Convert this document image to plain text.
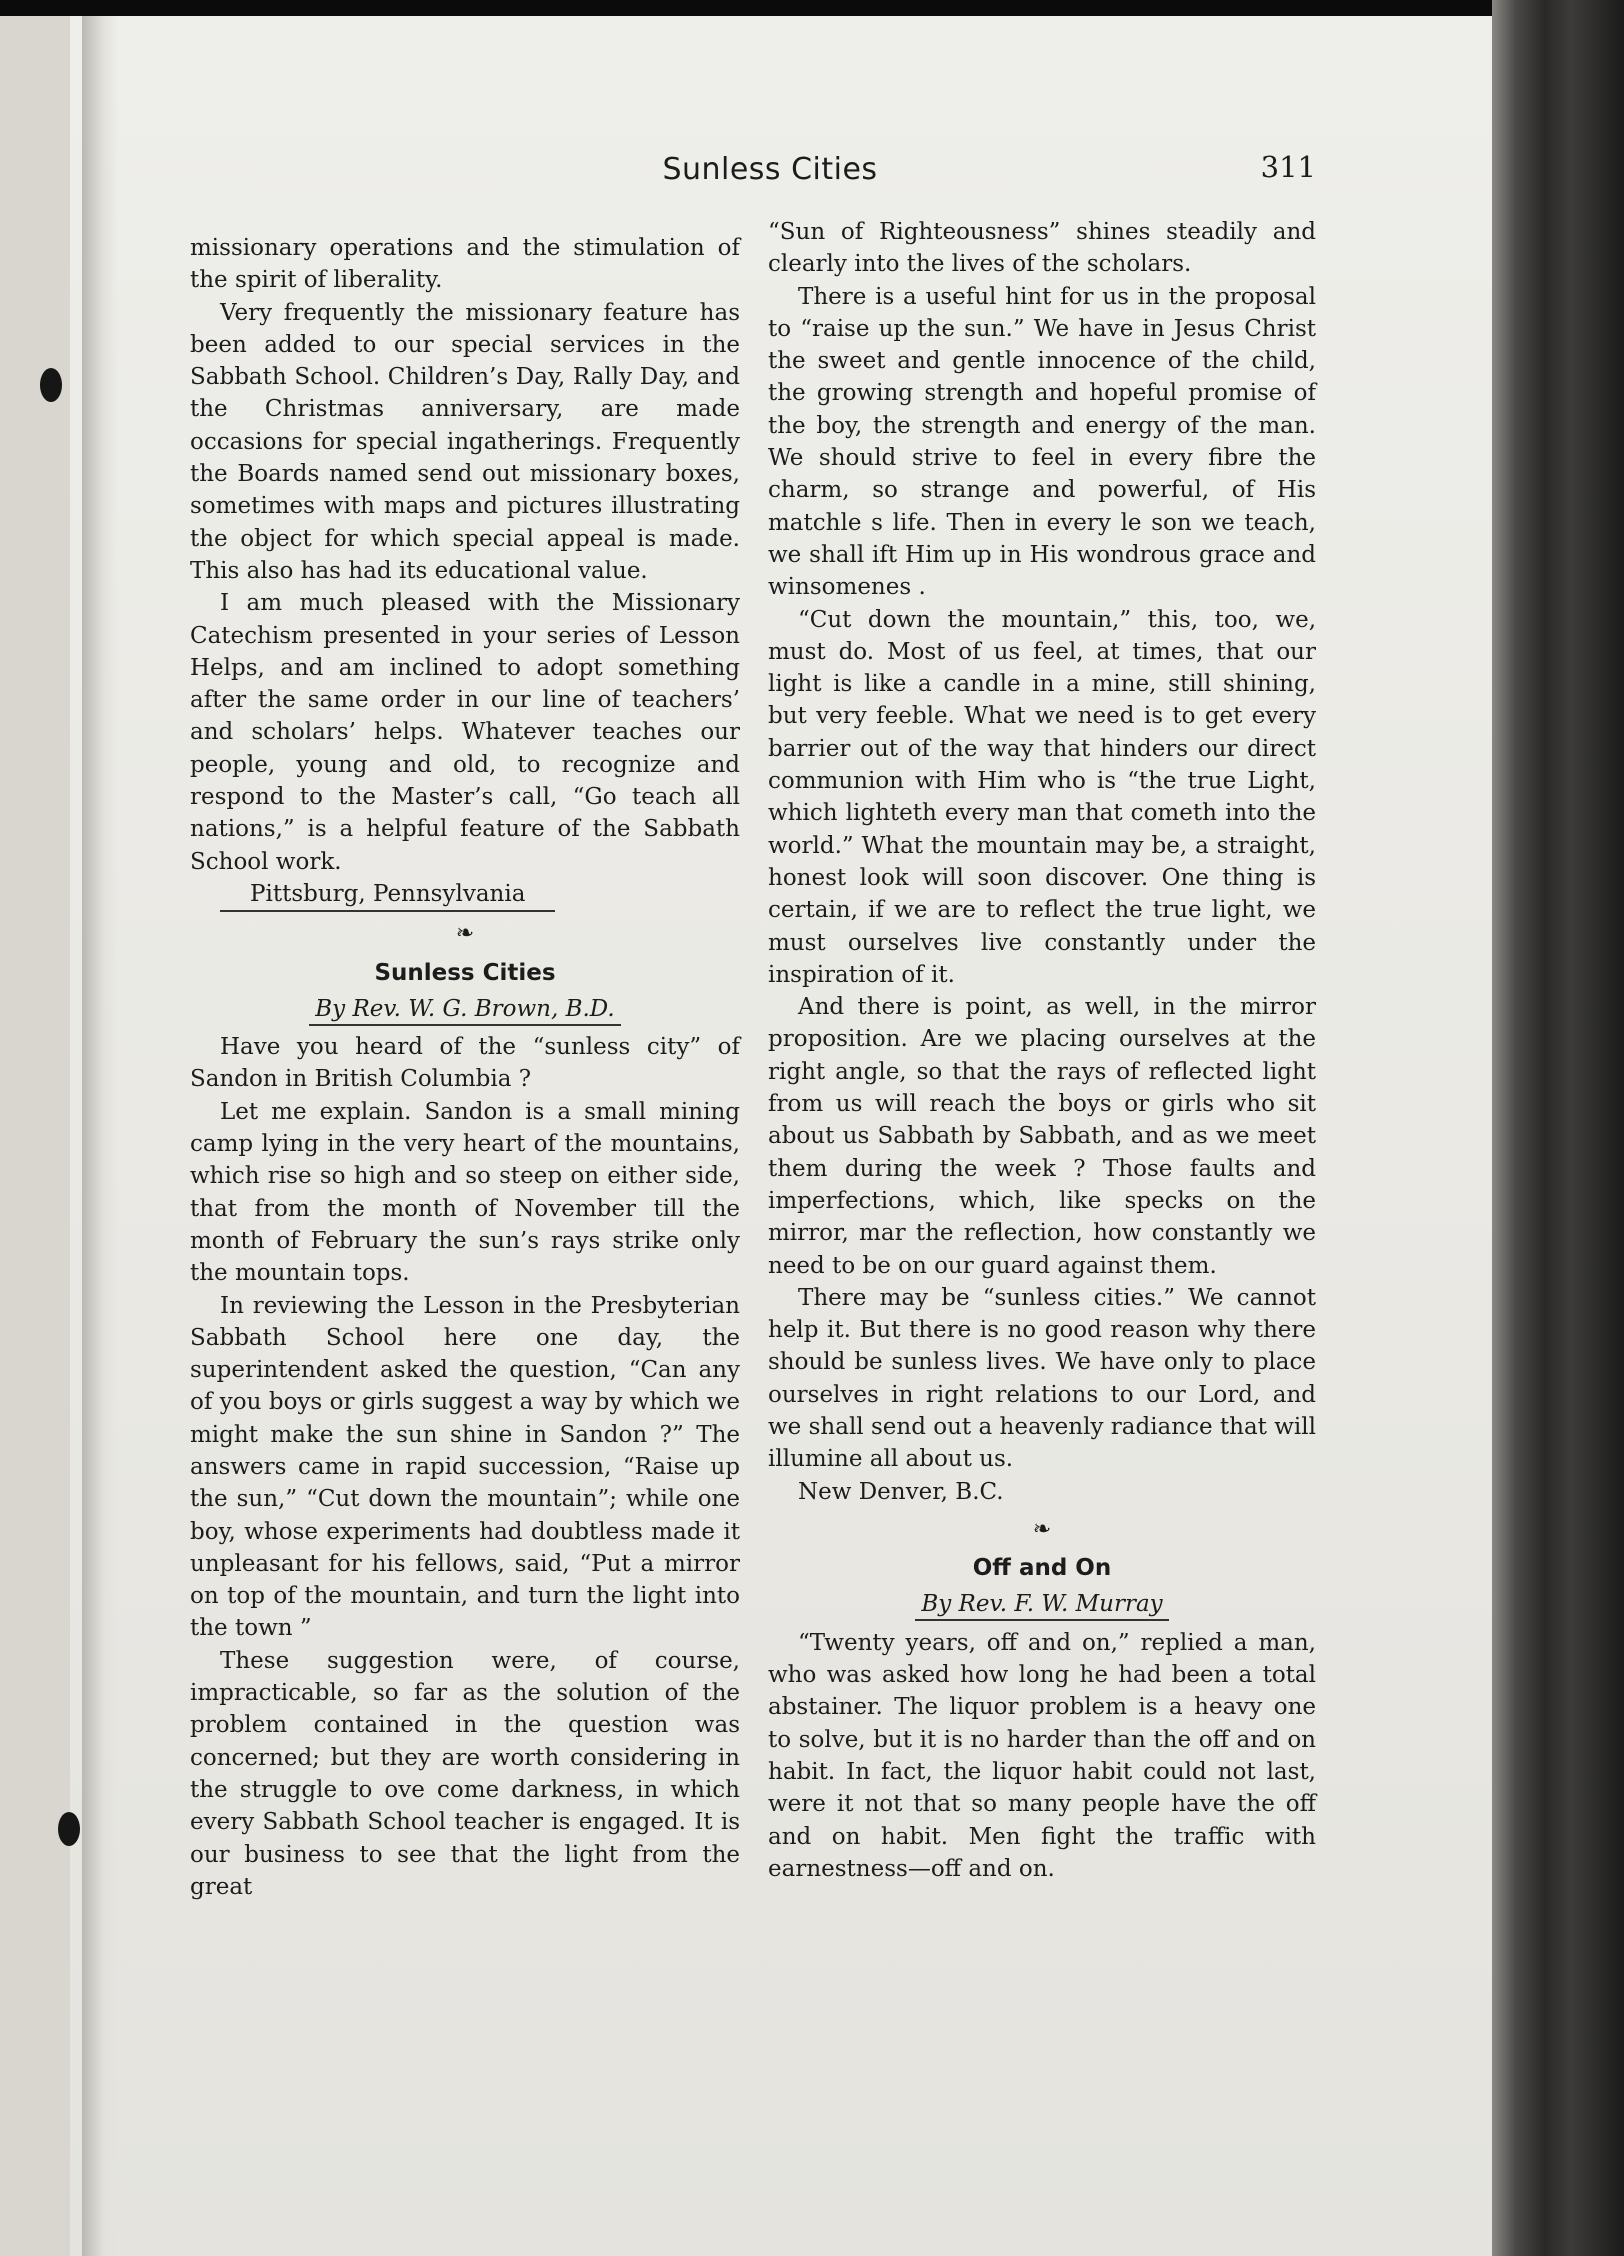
Sunless Cities	311

missionary operations and the stimulation of the spirit of liberality.

Very frequently the missionary feature has been added to our special services in the Sabbath School. Children’s Day, Rally Day, and the Christmas anniversary, are made occasions for special ingatherings. Frequently the Boards named send out missionary boxes, sometimes with maps and pictures illustrating the object for which special appeal is made. This also has had its educational value.

I am much pleased with the Missionary Catechism presented in your series of Lesson Helps, and am inclined to adopt something after the same order in our line of teachers’ and scholars’ helps. Whatever teaches our people, young and old, to recognize and respond to the Master’s call, “Go teach all nations,” is a helpful feature of the Sabbath School work.

Pittsburg, Pennsylvania
❧
Sunless Cities
By Rev. W. G. Brown, B.D.

Have you heard of the “sunless city” of Sandon in British Columbia ?

Let me explain. Sandon is a small mining camp lying in the very heart of the mountains, which rise so high and so steep on either side, that from the month of November till the month of February the sun’s rays strike only the mountain tops.

In reviewing the Lesson in the Presbyterian Sabbath School here one day, the superintendent asked the question, “Can any of you boys or girls suggest a way by which we might make the sun shine in Sandon ?” The answers came in rapid succession, “Raise up the sun,” “Cut down the mountain”; while one boy, whose experiments had doubtless made it unpleasant for his fellows, said, “Put a mirror on top of the mountain, and turn the light into the town ”

These suggestion were, of course, impracticable, so far as the solution of the problem contained in the question was concerned; but they are worth considering in the struggle to ove come darkness, in which every Sabbath School teacher is engaged. It is our business to see that the light from the great

“Sun of Righteousness” shines steadily and clearly into the lives of the scholars.

There is a useful hint for us in the proposal to “raise up the sun.” We have in Jesus Christ the sweet and gentle innocence of the child, the growing strength and hopeful promise of the boy, the strength and energy of the man. We should strive to feel in every fibre the charm, so strange and powerful, of His matchle s life. Then in every le son we teach, we shall ift Him up in His wondrous grace and winsomenes .

“Cut down the mountain,” this, too, we, must do. Most of us feel, at times, that our light is like a candle in a mine, still shining, but very feeble. What we need is to get every barrier out of the way that hinders our direct communion with Him who is “the true Light, which lighteth every man that cometh into the world.” What the mountain may be, a straight, honest look will soon discover. One thing is certain, if we are to reflect the true light, we must ourselves live constantly under the inspiration of it.

And there is point, as well, in the mirror proposition. Are we placing ourselves at the right angle, so that the rays of reflected light from us will reach the boys or girls who sit about us Sabbath by Sabbath, and as we meet them during the week ? Those faults and imperfections, which, like specks on the mirror, mar the reflection, how constantly we need to be on our guard against them.

There may be “sunless cities.” We cannot help it. But there is no good reason why there should be sunless lives. We have only to place ourselves in right relations to our Lord, and we shall send out a heavenly radiance that will illumine all about us.

New Denver, B.C.

❧
Off and On
By Rev. F. W. Murray

“Twenty years, off and on,” replied a man, who was asked how long he had been a total abstainer. The liquor problem is a heavy one to solve, but it is no harder than the off and on habit. In fact, the liquor habit could not last, were it not that so many people have the off and on habit. Men fight the traffic with earnestness—off and on.
